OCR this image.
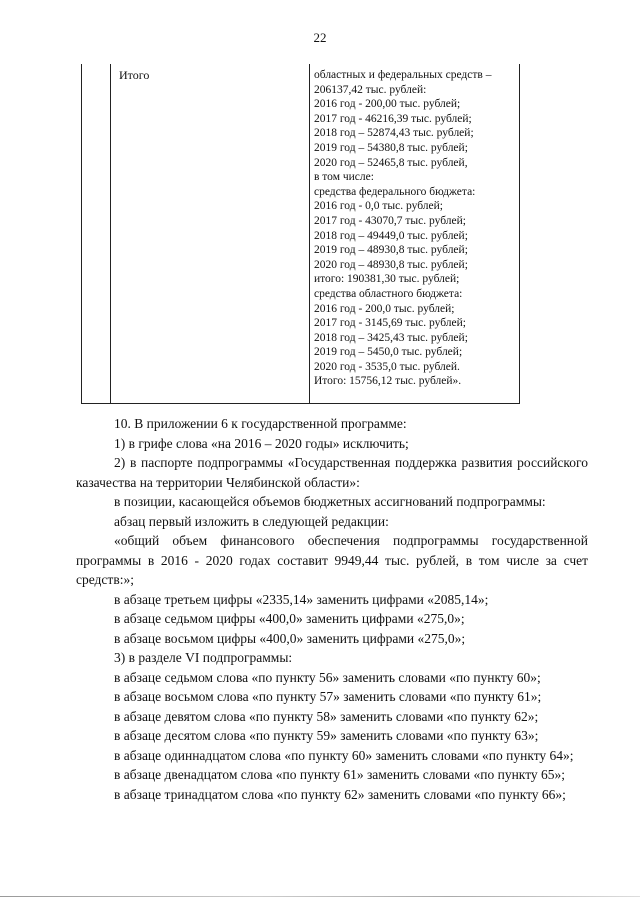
22
Итого	областных и федеральных средств –
206137,42 тыс. рублей:
2016 год - 200,00 тыс. рублей;
2017 год - 46216,39 тыс. рублей;
2018 год – 52874,43 тыс. рублей;
2019 год – 54380,8 тыс. рублей;
2020 год – 52465,8 тыс. рублей,
в том числе:
средства федерального бюджета:
2016 год - 0,0 тыс. рублей;
2017 год - 43070,7 тыс. рублей;
2018 год – 49449,0 тыс. рублей;
2019 год – 48930,8 тыс. рублей;
2020 год – 48930,8 тыс. рублей;
итого: 190381,30 тыс. рублей;
средства областного бюджета:
2016 год - 200,0 тыс. рублей;
2017 год - 3145,69 тыс. рублей;
2018 год – 3425,43 тыс. рублей;
2019 год – 5450,0 тыс. рублей;
2020 год - 3535,0 тыс. рублей.
Итого: 15756,12 тыс. рублей».

10. В приложении 6 к государственной программе:

1) в грифе слова «на 2016 – 2020 годы» исключить;

2) в паспорте подпрограммы «Государственная поддержка развития российского казачества на территории Челябинской области»:

в позиции, касающейся объемов бюджетных ассигнований подпрограммы:

абзац первый изложить в следующей редакции:

«общий объем финансового обеспечения подпрограммы государственной программы в 2016 - 2020 годах составит 9949,44 тыс. рублей, в том числе за счет средств:»;

в абзаце третьем цифры «2335,14» заменить цифрами «2085,14»;

в абзаце седьмом цифры «400,0» заменить цифрами «275,0»;

в абзаце восьмом цифры «400,0» заменить цифрами «275,0»;

3) в разделе VI подпрограммы:

в абзаце седьмом слова «по пункту 56» заменить словами «по пункту 60»;

в абзаце восьмом слова «по пункту 57» заменить словами «по пункту 61»;

в абзаце девятом слова «по пункту 58» заменить словами «по пункту 62»;

в абзаце десятом слова «по пункту 59» заменить словами «по пункту 63»;

в абзаце одиннадцатом слова «по пункту 60» заменить словами «по пункту 64»;

в абзаце двенадцатом слова «по пункту 61» заменить словами «по пункту 65»;

в абзаце тринадцатом слова «по пункту 62» заменить словами «по пункту 66»;
